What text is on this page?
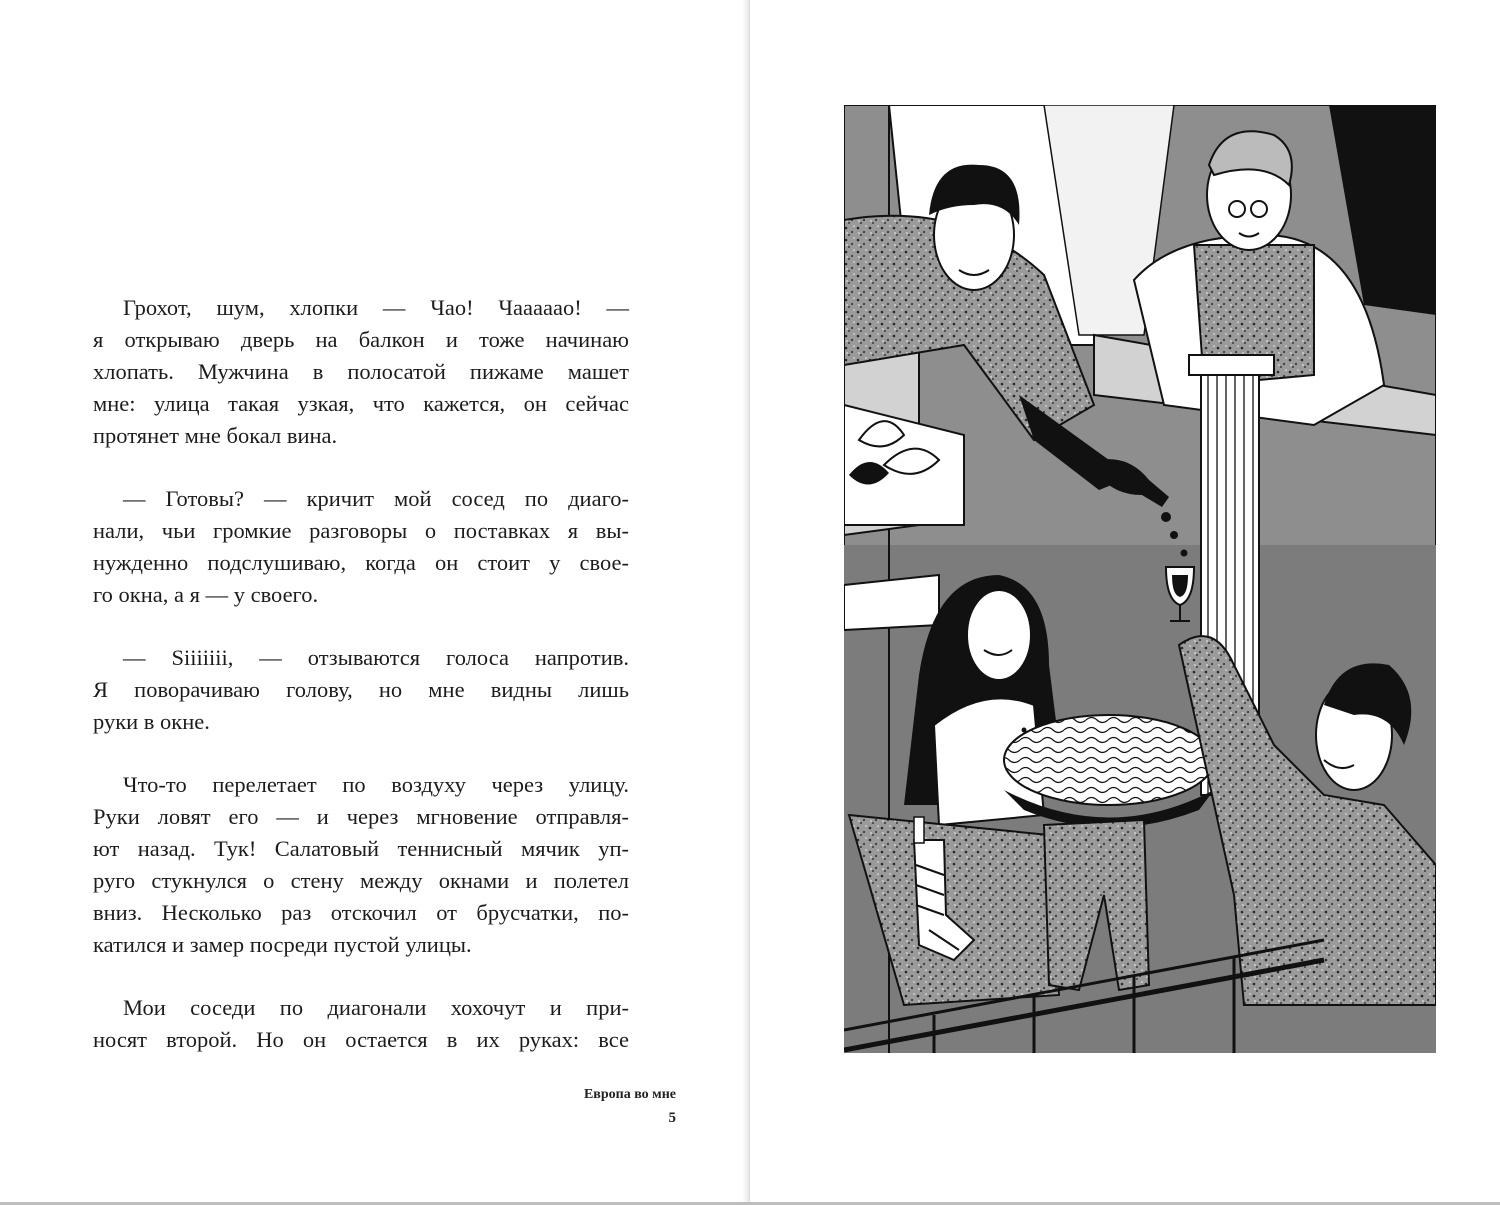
Грохот, шум, хлопки — Чао! Чаааааo! —
я открываю дверь на балкон и тоже начинаю
хлопать. Мужчина в полосатой пижаме машет
мне: улица такая узкая, что кажется, он сейчас
протянет мне бокал вина.
— Готовы? — кричит мой сосед по диаго-
нали, чьи громкие разговоры о поставках я вы-
нужденно подслушиваю, когда он стоит у свое-
го окна, а я — у своего.
— Siiiiiii, — отзываются голоса напротив.
Я поворачиваю голову, но мне видны лишь
руки в окне.
Что-то перелетает по воздуху через улицу.
Руки ловят его — и через мгновение отправля-
ют назад. Тук! Салатовый теннисный мячик уп-
руго стукнулся о стену между окнами и полетел
вниз. Несколько раз отскочил от брусчатки, по-
катился и замер посреди пустой улицы.
Мои соседи по диагонали хохочут и при-
носят второй. Но он остается в их руках: все
Европа во мне
5
